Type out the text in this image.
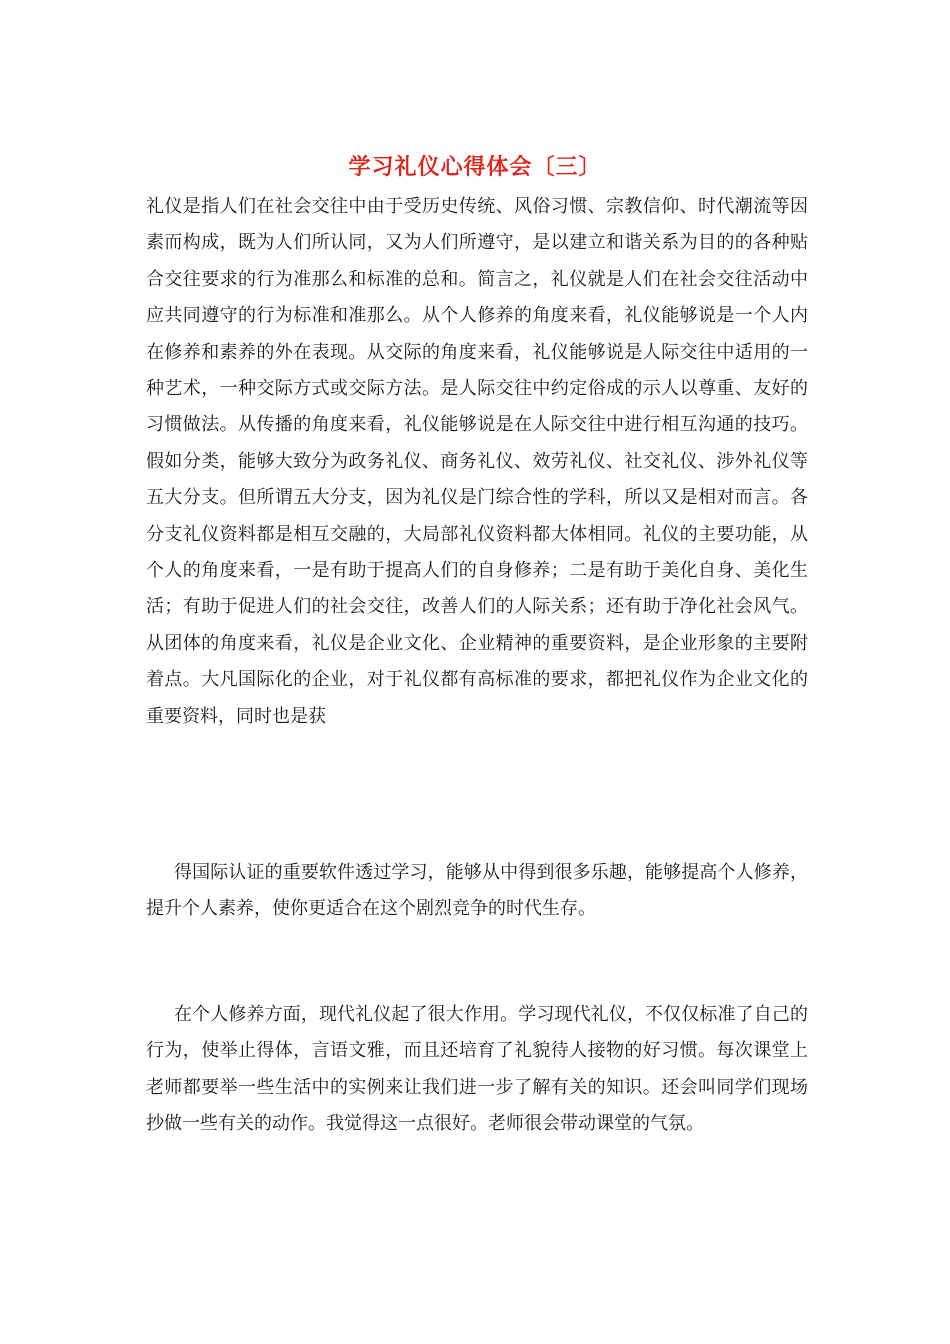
学习礼仪心得体会〔三〕

礼仪是指人们在社会交往中由于受历史传统、风俗习惯、宗教信仰、时代潮流等因素而构成，既为人们所认同，又为人们所遵守，是以建立和谐关系为目的的各种贴合交往要求的行为准那么和标准的总和。简言之，礼仪就是人们在社会交往活动中应共同遵守的行为标准和准那么。从个人修养的角度来看，礼仪能够说是一个人内在修养和素养的外在表现。从交际的角度来看，礼仪能够说是人际交往中适用的一种艺术，一种交际方式或交际方法。是人际交往中约定俗成的示人以尊重、友好的习惯做法。从传播的角度来看，礼仪能够说是在人际交往中进行相互沟通的技巧。假如分类，能够大致分为政务礼仪、商务礼仪、效劳礼仪、社交礼仪、涉外礼仪等五大分支。但所谓五大分支，因为礼仪是门综合性的学科，所以又是相对而言。各分支礼仪资料都是相互交融的，大局部礼仪资料都大体相同。礼仪的主要功能，从个人的角度来看，一是有助于提高人们的自身修养；二是有助于美化自身、美化生活；有助于促进人们的社会交往，改善人们的人际关系；还有助于净化社会风气。从团体的角度来看，礼仪是企业文化、企业精神的重要资料，是企业形象的主要附着点。大凡国际化的企业，对于礼仪都有高标准的要求，都把礼仪作为企业文化的重要资料，同时也是获

得国际认证的重要软件透过学习，能够从中得到很多乐趣，能够提高个人修养，提升个人素养，使你更适合在这个剧烈竞争的时代生存。

在个人修养方面，现代礼仪起了很大作用。学习现代礼仪，不仅仅标准了自己的行为，使举止得体，言语文雅，而且还培育了礼貌待人接物的好习惯。每次课堂上老师都要举一些生活中的实例来让我们进一步了解有关的知识。还会叫同学们现场抄做一些有关的动作。我觉得这一点很好。老师很会带动课堂的气氛。
